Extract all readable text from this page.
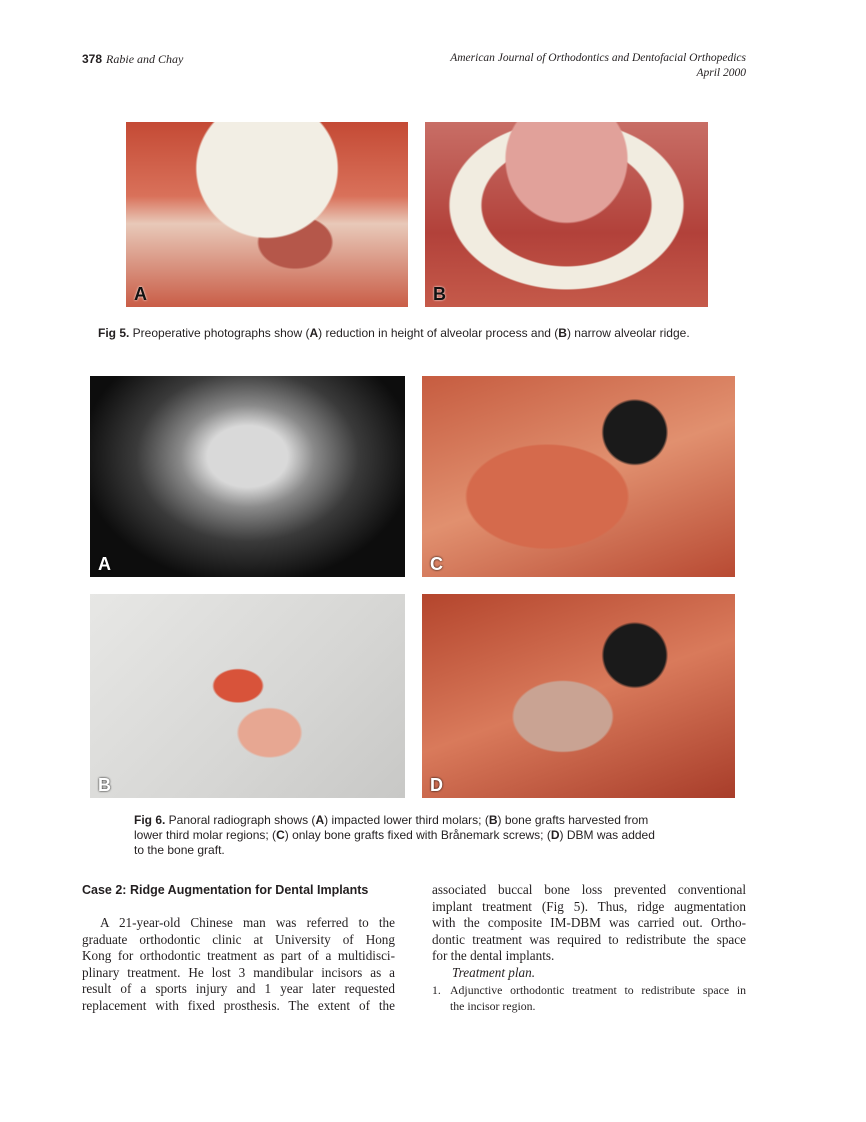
378 Rabie and Chay	American Journal of Orthodontics and Dentofacial Orthopedics
April 2000
A	B
Fig 5. Preoperative photographs show (A) reduction in height of alveolar process and (B) narrow alveolar ridge.
A	C
B	D
Fig 6. Panoral radiograph shows (A) impacted lower third molars; (B) bone grafts harvested from
lower third molar regions; (C) onlay bone grafts fixed with Brånemark screws; (D) DBM was added
to the bone graft.
Case 2: Ridge Augmentation for Dental Implants
A 21-year-old Chinese man was referred to the
graduate orthodontic clinic at University of Hong
Kong for orthodontic treatment as part of a multidisci-
plinary treatment. He lost 3 mandibular incisors as a
result of a sports injury and 1 year later requested
replacement with fixed prosthesis. The extent of the
associated buccal bone loss prevented conventional
implant treatment (Fig 5). Thus, ridge augmentation
with the composite IM-DBM was carried out. Ortho-
dontic treatment was required to redistribute the space
for the dental implants.
Treatment plan.
1. Adjunctive orthodontic treatment to redistribute space in
the incisor region.
